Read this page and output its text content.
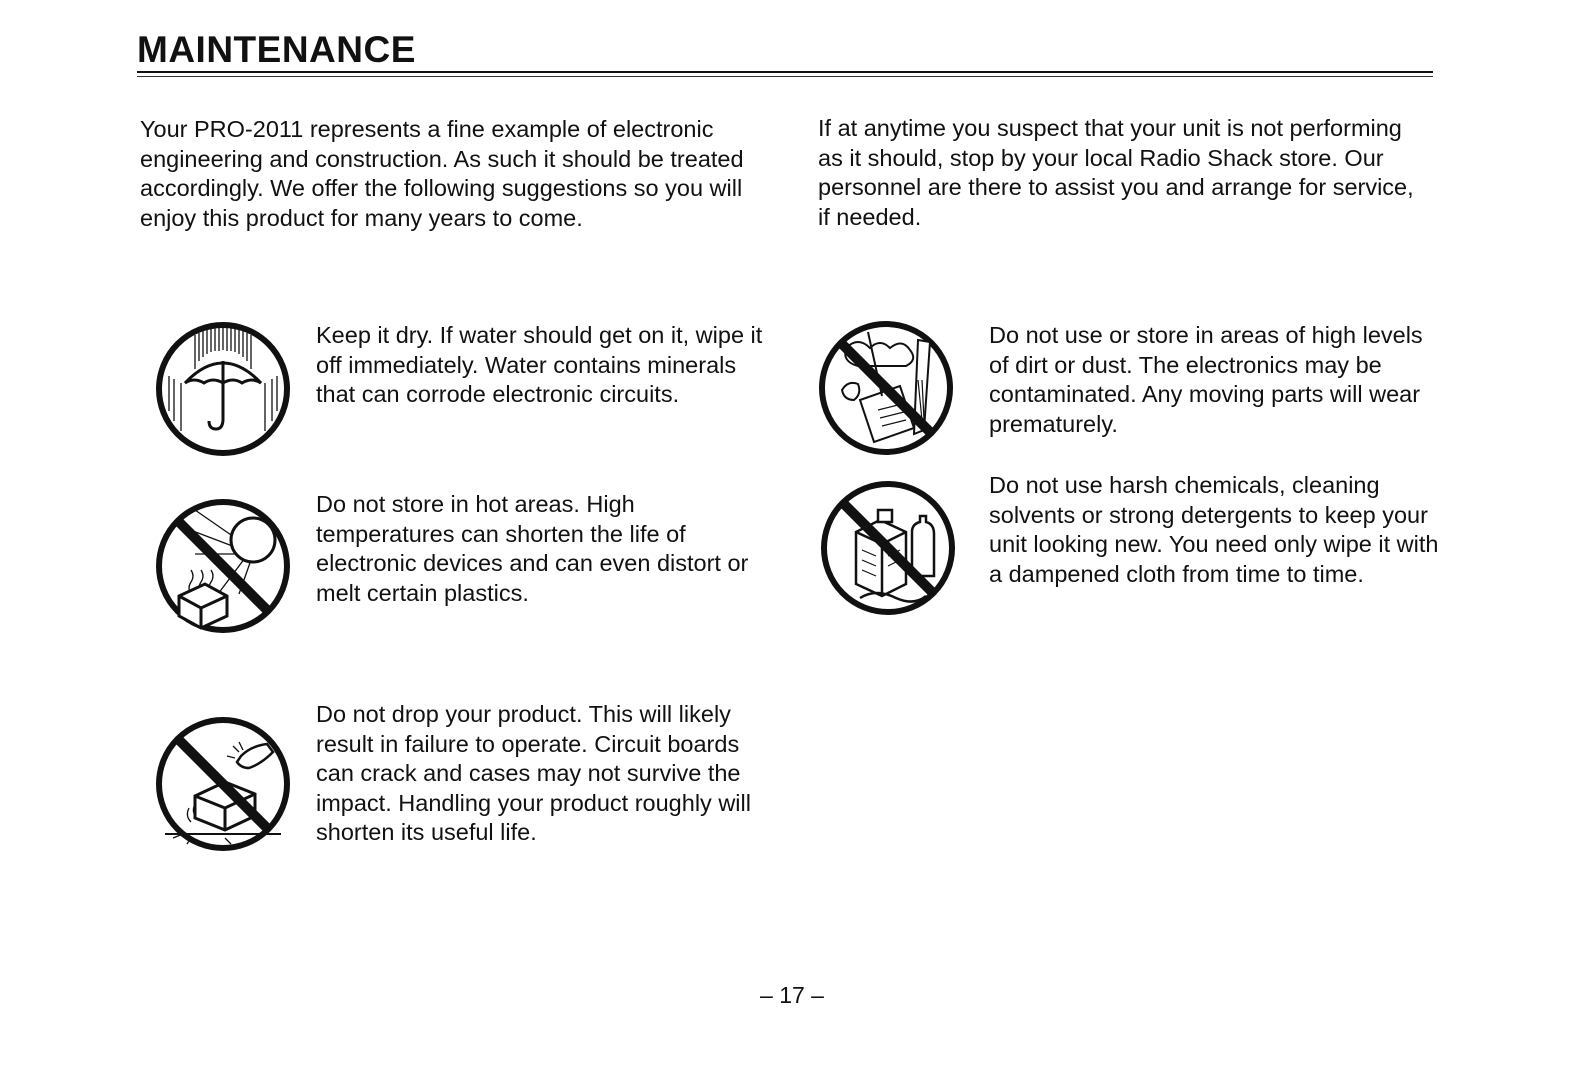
MAINTENANCE

Your PRO-2011 represents a fine example of electronic engineering and construction. As such it should be treated accordingly. We offer the following suggestions so you will enjoy this product for many years to come.

If at anytime you suspect that your unit is not performing as it should, stop by your local Radio Shack store. Our personnel are there to assist you and arrange for service, if needed.

Keep it dry. If water should get on it, wipe it off immediately. Water contains minerals that can corrode electronic circuits.

Do not store in hot areas. High temperatures can shorten the life of electronic devices and can even distort or melt certain plastics.

Do not drop your product. This will likely result in failure to operate. Circuit boards can crack and cases may not survive the impact. Handling your product roughly will shorten its useful life.

Do not use or store in areas of high levels of dirt or dust. The electronics may be contaminated. Any moving parts will wear prematurely.

Do not use harsh chemicals, cleaning solvents or strong detergents to keep your unit looking new. You need only wipe it with a dampened cloth from time to time.

– 17 –
